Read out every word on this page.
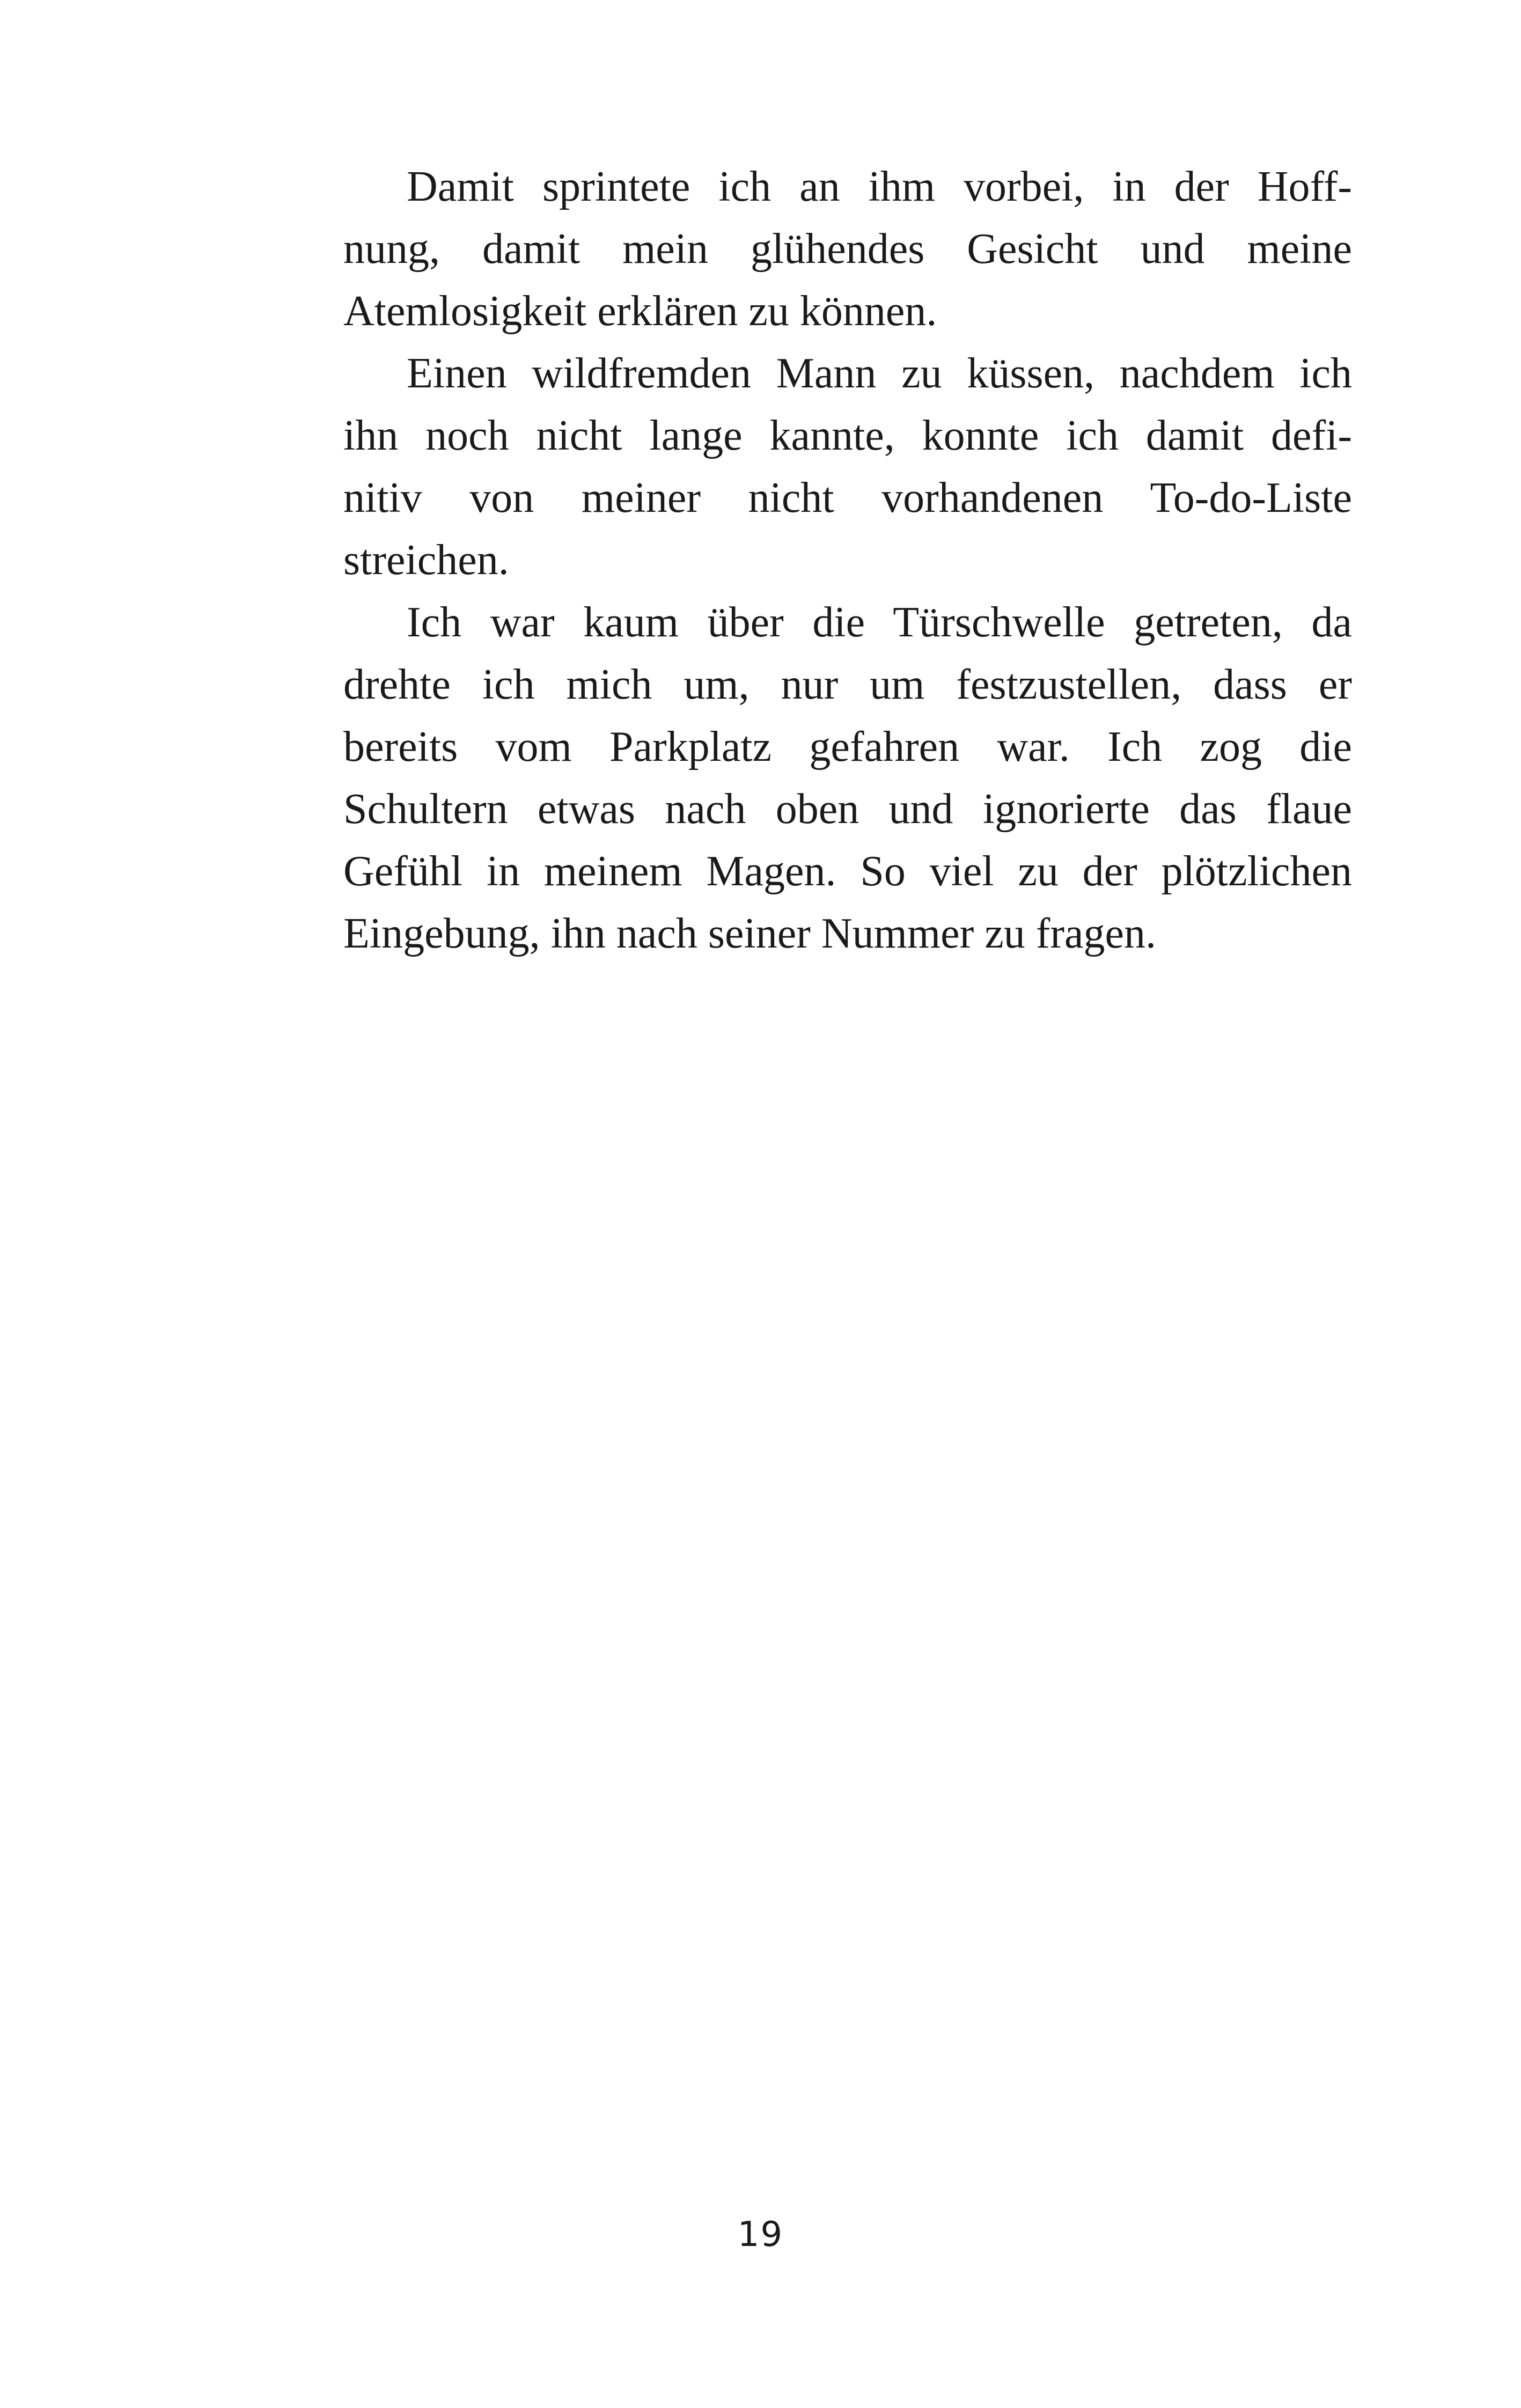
Damit sprintete ich an ihm vorbei, in der Hoff-
nung, damit mein glühendes Gesicht und meine
Atemlosigkeit erklären zu können.
Einen wildfremden Mann zu küssen, nachdem ich
ihn noch nicht lange kannte, konnte ich damit defi-
nitiv von meiner nicht vorhandenen To-do-Liste
streichen.
Ich war kaum über die Türschwelle getreten, da
drehte ich mich um, nur um festzustellen, dass er
bereits vom Parkplatz gefahren war. Ich zog die
Schultern etwas nach oben und ignorierte das flaue
Gefühl in meinem Magen. So viel zu der plötzlichen
Eingebung, ihn nach seiner Nummer zu fragen.
19
